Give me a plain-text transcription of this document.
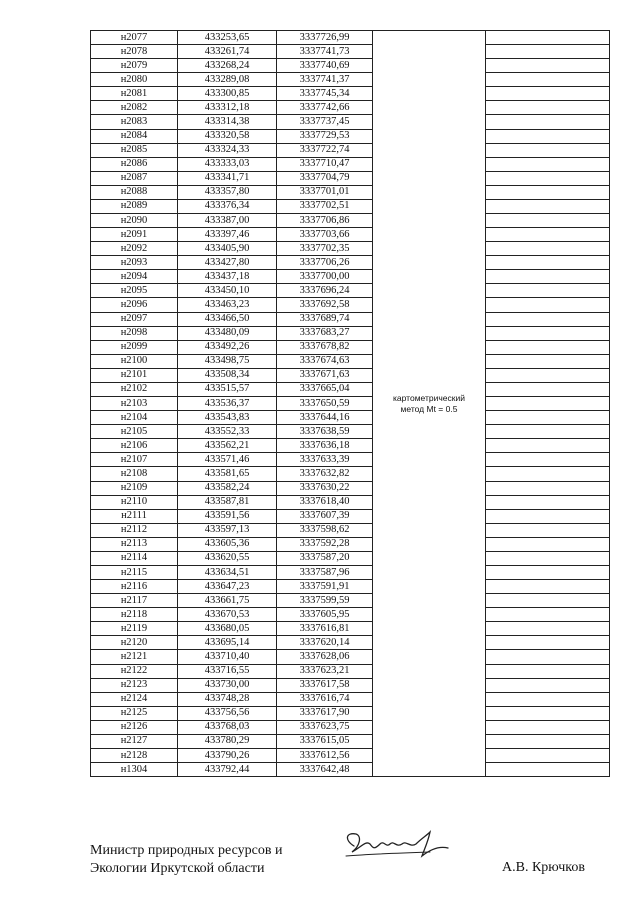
н2077	433253,65	3337726,99	картометрический
метод Mt = 0.5	

н2078	433261,74	3337741,73		
н2079	433268,24	3337740,69		
н2080	433289,08	3337741,37		
н2081	433300,85	3337745,34		
н2082	433312,18	3337742,66		
н2083	433314,38	3337737,45		
н2084	433320,58	3337729,53		
н2085	433324,33	3337722,74		
н2086	433333,03	3337710,47		
н2087	433341,71	3337704,79		
н2088	433357,80	3337701,01		
н2089	433376,34	3337702,51		
н2090	433387,00	3337706,86		
н2091	433397,46	3337703,66		
н2092	433405,90	3337702,35		
н2093	433427,80	3337706,26		
н2094	433437,18	3337700,00		
н2095	433450,10	3337696,24		
н2096	433463,23	3337692,58		
н2097	433466,50	3337689,74		
н2098	433480,09	3337683,27		
н2099	433492,26	3337678,82		
н2100	433498,75	3337674,63		
н2101	433508,34	3337671,63		
н2102	433515,57	3337665,04		
н2103	433536,37	3337650,59		
н2104	433543,83	3337644,16		
н2105	433552,33	3337638,59		
н2106	433562,21	3337636,18		
н2107	433571,46	3337633,39		
н2108	433581,65	3337632,82		
н2109	433582,24	3337630,22		
н2110	433587,81	3337618,40		
н2111	433591,56	3337607,39		
н2112	433597,13	3337598,62		
н2113	433605,36	3337592,28		
н2114	433620,55	3337587,20		
н2115	433634,51	3337587,96		
н2116	433647,23	3337591,91		
н2117	433661,75	3337599,59		
н2118	433670,53	3337605,95		
н2119	433680,05	3337616,81		
н2120	433695,14	3337620,14		
н2121	433710,40	3337628,06		
н2122	433716,55	3337623,21		
н2123	433730,00	3337617,58		
н2124	433748,28	3337616,74		
н2125	433756,56	3337617,90		
н2126	433768,03	3337623,75		
н2127	433780,29	3337615,05		
н2128	433790,26	3337612,56		
н1304	433792,44	3337642,48		
Министр природных ресурсов и
Экологии Иркутской области	А.В. Крючков
